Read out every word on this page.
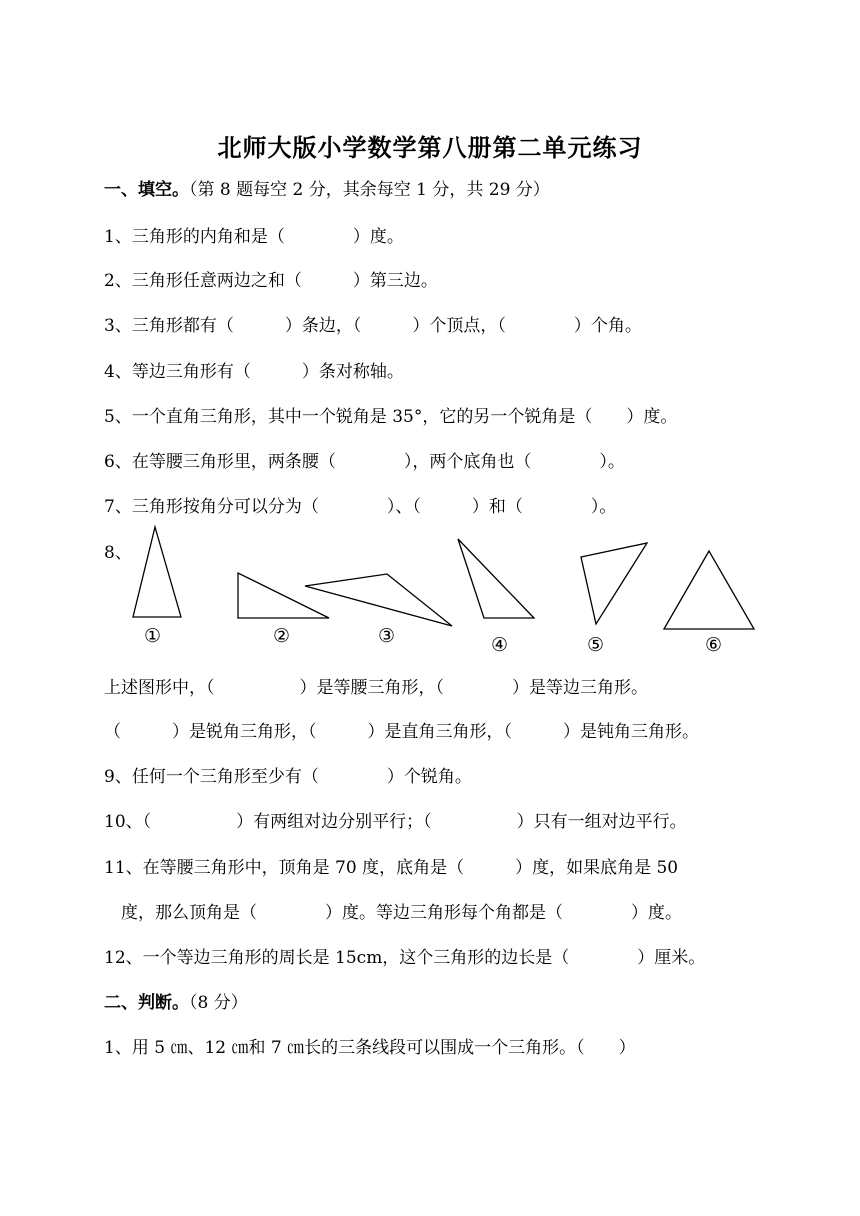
北师大版小学数学第八册第二单元练习
一、填空。（第 8 题每空 2 分，其余每空 1 分，共 29 分）
1、三角形的内角和是（　　　　）度。
2、三角形任意两边之和（　　　）第三边。
3、三角形都有（　　　）条边，（　　　）个顶点，（　　　　）个角。
4、等边三角形有（　　　）条对称轴。
5、一个直角三角形，其中一个锐角是 35°，它的另一个锐角是（　　）度。
6、在等腰三角形里，两条腰（　　　　），两个底角也（　　　　）。
7、三角形按角分可以分为（　　　　）、（　　　）和（　　　　）。
8、
①	②	③	④	⑤	⑥
上述图形中，（　　　　　）是等腰三角形，（　　　　）是等边三角形。
（　　　）是锐角三角形，（　　　）是直角三角形，（　　　）是钝角三角形。
9、任何一个三角形至少有（　　　　）个锐角。
10、（　　　　　）有两组对边分别平行；（　　　　　）只有一组对边平行。
11、在等腰三角形中，顶角是 70 度，底角是（　　　）度，如果底角是 50
　度，那么顶角是（　　　　）度。等边三角形每个角都是（　　　　）度。
12、一个等边三角形的周长是 15cm，这个三角形的边长是（　　　　）厘米。
二、判断。（8 分）
1、用 5 ㎝、12 ㎝和 7 ㎝长的三条线段可以围成一个三角形。（　　）
